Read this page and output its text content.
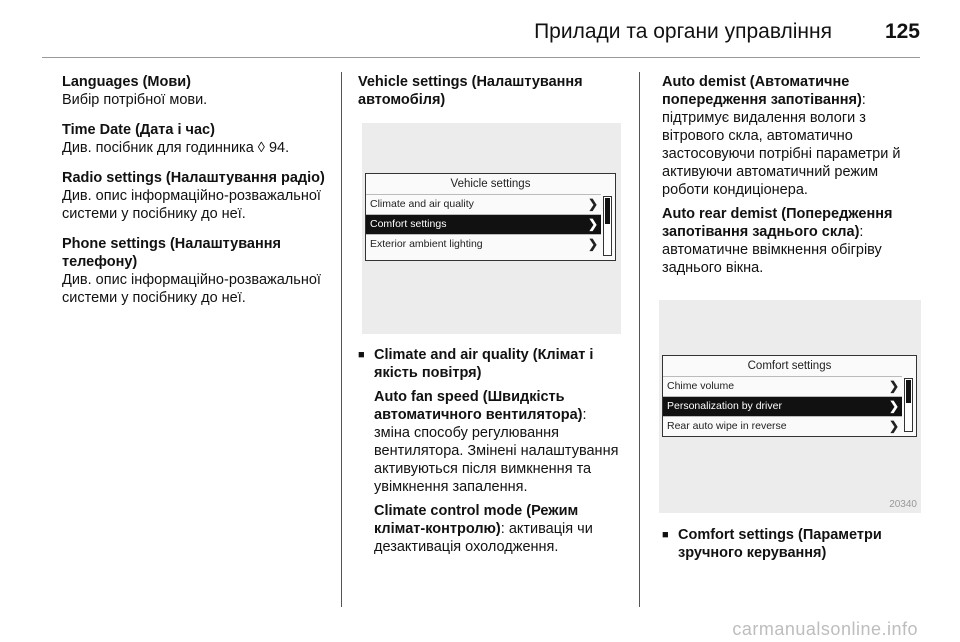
Прилади та органи управління	125
Languages (Мови)

Вибір потрібної мови.

Time Date (Дата і час)

Див. посібник для годинника ◊ 94.

Radio settings (Налаштування радіо)

Див. опис інформаційно-розважальної системи у посібнику до неї.

Phone settings (Налаштування телефону)

Див. опис інформаційно-розважальної системи у посібнику до неї.

Vehicle settings (Налаштування автомобіля)
Vehicle settings
Climate and air quality	❯
Comfort settings	❯
Exterior ambient lighting	❯
■ Climate and air quality (Клімат і якість повітря)

Auto fan speed (Швидкість автоматичного вентилятора): зміна способу регулювання вентилятора. Змінені налаштування активуються після вимкнення та увімкнення запалення.

Climate control mode (Режим клімат-контролю): активація чи дезактивація охолодження.

Auto demist (Автоматичне попередження запотівання): підтримує видалення вологи з вітрового скла, автоматично застосовуючи потрібні параметри й активуючи автоматичний режим роботи кондиціонера.

Auto rear demist (Попередження запотівання заднього скла): автоматичне ввімкнення обігріву заднього вікна.

Comfort settings
Chime volume	❯
Personalization by driver	❯
Rear auto wipe in reverse	❯
20340
■ Comfort settings (Параметри зручного керування)
carmanualsonline.info
